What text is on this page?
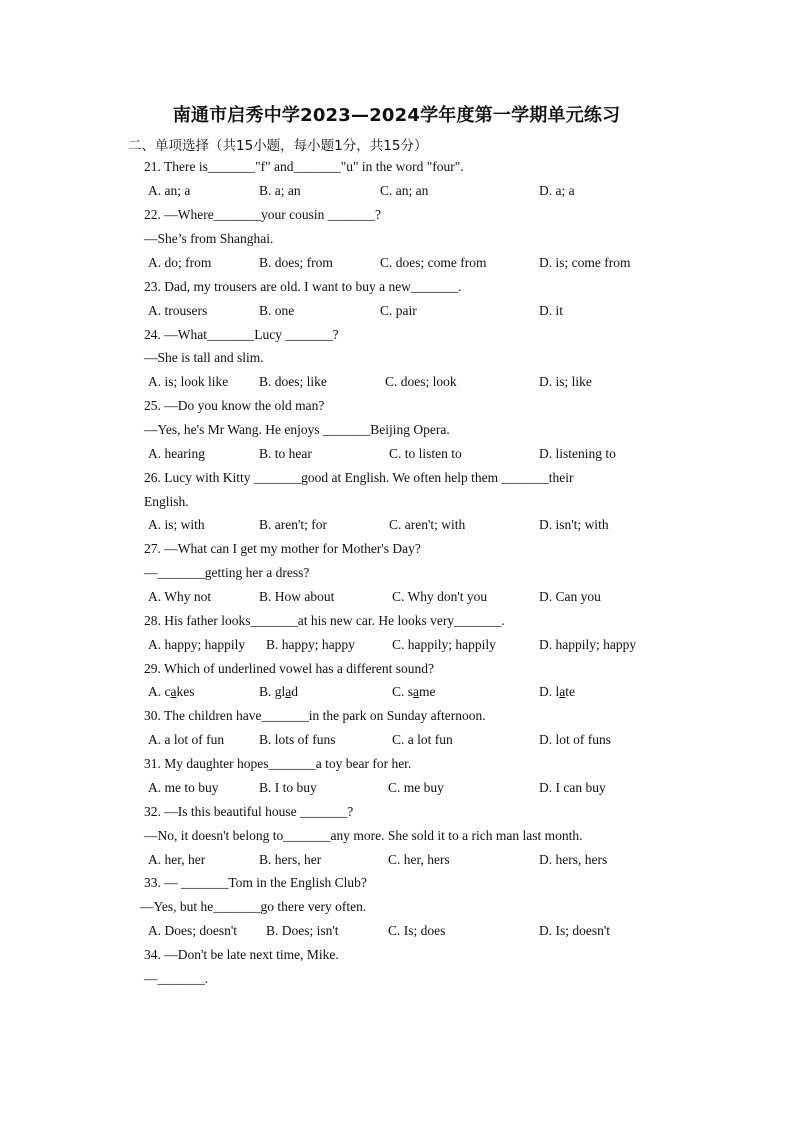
南通市启秀中学2023—2024学年度第一学期单元练习
二、单项选择（共15小题，每小题1分，共15分）
21. There is_______"f" and_______"u" in the word "four".
A. an; a	B. a; an	C. an; an	D. a; a
22. —Where_______your cousin _______?
—She’s from Shanghai.
A. do; from	B. does; from	C. does; come from	D. is; come from
23. Dad, my trousers are old. I want to buy a new_______.
A. trousers	B. one	C. pair	D. it
24. —What_______Lucy _______?
—She is tall and slim.
A. is; look like B. does; like	C. does; look	D. is; like
25. —Do you know the old man?
—Yes, he's Mr Wang. He enjoys _______Beijing Opera.
A. hearing	B. to hear	C. to listen to	D. listening to
26. Lucy with Kitty _______good at English. We often help them _______their
English.
A. is; with	B. aren't; for	C. aren't; with	D. isn't; with
27. —What can I get my mother for Mother's Day?
—_______getting her a dress?
A. Why not	B. How about	C. Why don't you	D. Can you
28. His father looks_______at his new car. He looks very_______.
A. happy; happily B. happy; happy	C. happily; happily	D. happily; happy
29. Which of underlined vowel has a different sound?
A. cakes	B. glad	C. same	D. late
30. The children have_______in the park on Sunday afternoon.
A. a lot of fun	B. lots of funs	C. a lot fun	D. lot of funs
31. My daughter hopes_______a toy bear for her.
A. me to buy	B. I to buy	C. me buy	D. I can buy
32. —Is this beautiful house _______?
—No, it doesn't belong to_______any more. She sold it to a rich man last month.
A. her, her	B. hers, her	C. her, hers	D. hers, hers
33. — _______Tom in the English Club?
—Yes, but he_______go there very often.
A. Does; doesn't B. Does; isn't	C. Is; does	D. Is; doesn't
34. —Don't be late next time, Mike.
—_______.
